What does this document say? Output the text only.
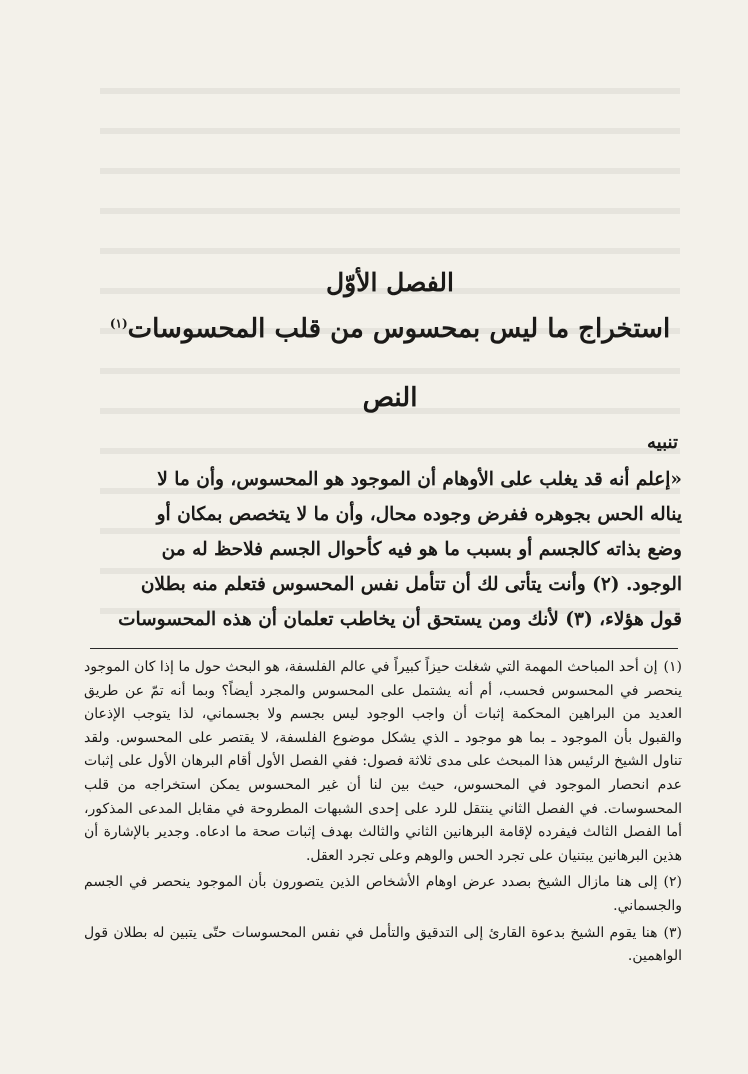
الفصل الأوّل
استخراج ما ليس بمحسوس من قلب المحسوسات$^{(١)}$
النص
تنبيه
«إعلم أنه قد يغلب على الأوهام أن الموجود هو المحسوس، وأن ما لا
يناله الحس بجوهره ففرض وجوده محال، وأن ما لا يتخصص بمكان أو
وضع بذاته كالجسم أو بسبب ما هو فيه كأحوال الجسم فلاحظ له من
الوجود. (٢) وأنت يتأتى لك أن تتأمل نفس المحسوس فتعلم منه بطلان
قول هؤلاء، (٣) لأنك ومن يستحق أن يخاطب تعلمان أن هذه المحسوسات

(١)إن أحد المباحث المهمة التي شغلت حيزاً كبيراً في عالم الفلسفة، هو البحث حول ما إذا كان الموجود ينحصر في المحسوس فحسب، أم أنه يشتمل على المحسوس والمجرد أيضاً؟ وبما أنه تمّ عن طريق العديد من البراهين المحكمة إثبات أن واجب الوجود ليس بجسم ولا بجسماني، لذا يتوجب الإذعان والقبول بأن الموجود ـ بما هو موجود ـ الذي يشكل موضوع الفلسفة، لا يقتصر على المحسوس. ولقد تناول الشيخ الرئيس هذا المبحث على مدى ثلاثة فصول: ففي الفصل الأول أقام البرهان الأول على إثبات عدم انحصار الموجود في المحسوس، حيث بين لنا أن غير المحسوس يمكن استخراجه من قلب المحسوسات. في الفصل الثاني ينتقل للرد على إحدى الشبهات المطروحة في مقابل المدعى المذكور، أما الفصل الثالث فيفرده لإقامة البرهانين الثاني والثالث بهدف إثبات صحة ما ادعاه. وجدير بالإشارة أن هذين البرهانين يبتنيان على تجرد الحس والوهم وعلى تجرد العقل.

(٢)إلى هنا مازال الشيخ بصدد عرض اوهام الأشخاص الذين يتصورون بأن الموجود ينحصر في الجسم والجسماني.

(٣)هنا يقوم الشيخ بدعوة القارئ إلى التدقيق والتأمل في نفس المحسوسات حتّى يتبين له بطلان قول الواهمين.
